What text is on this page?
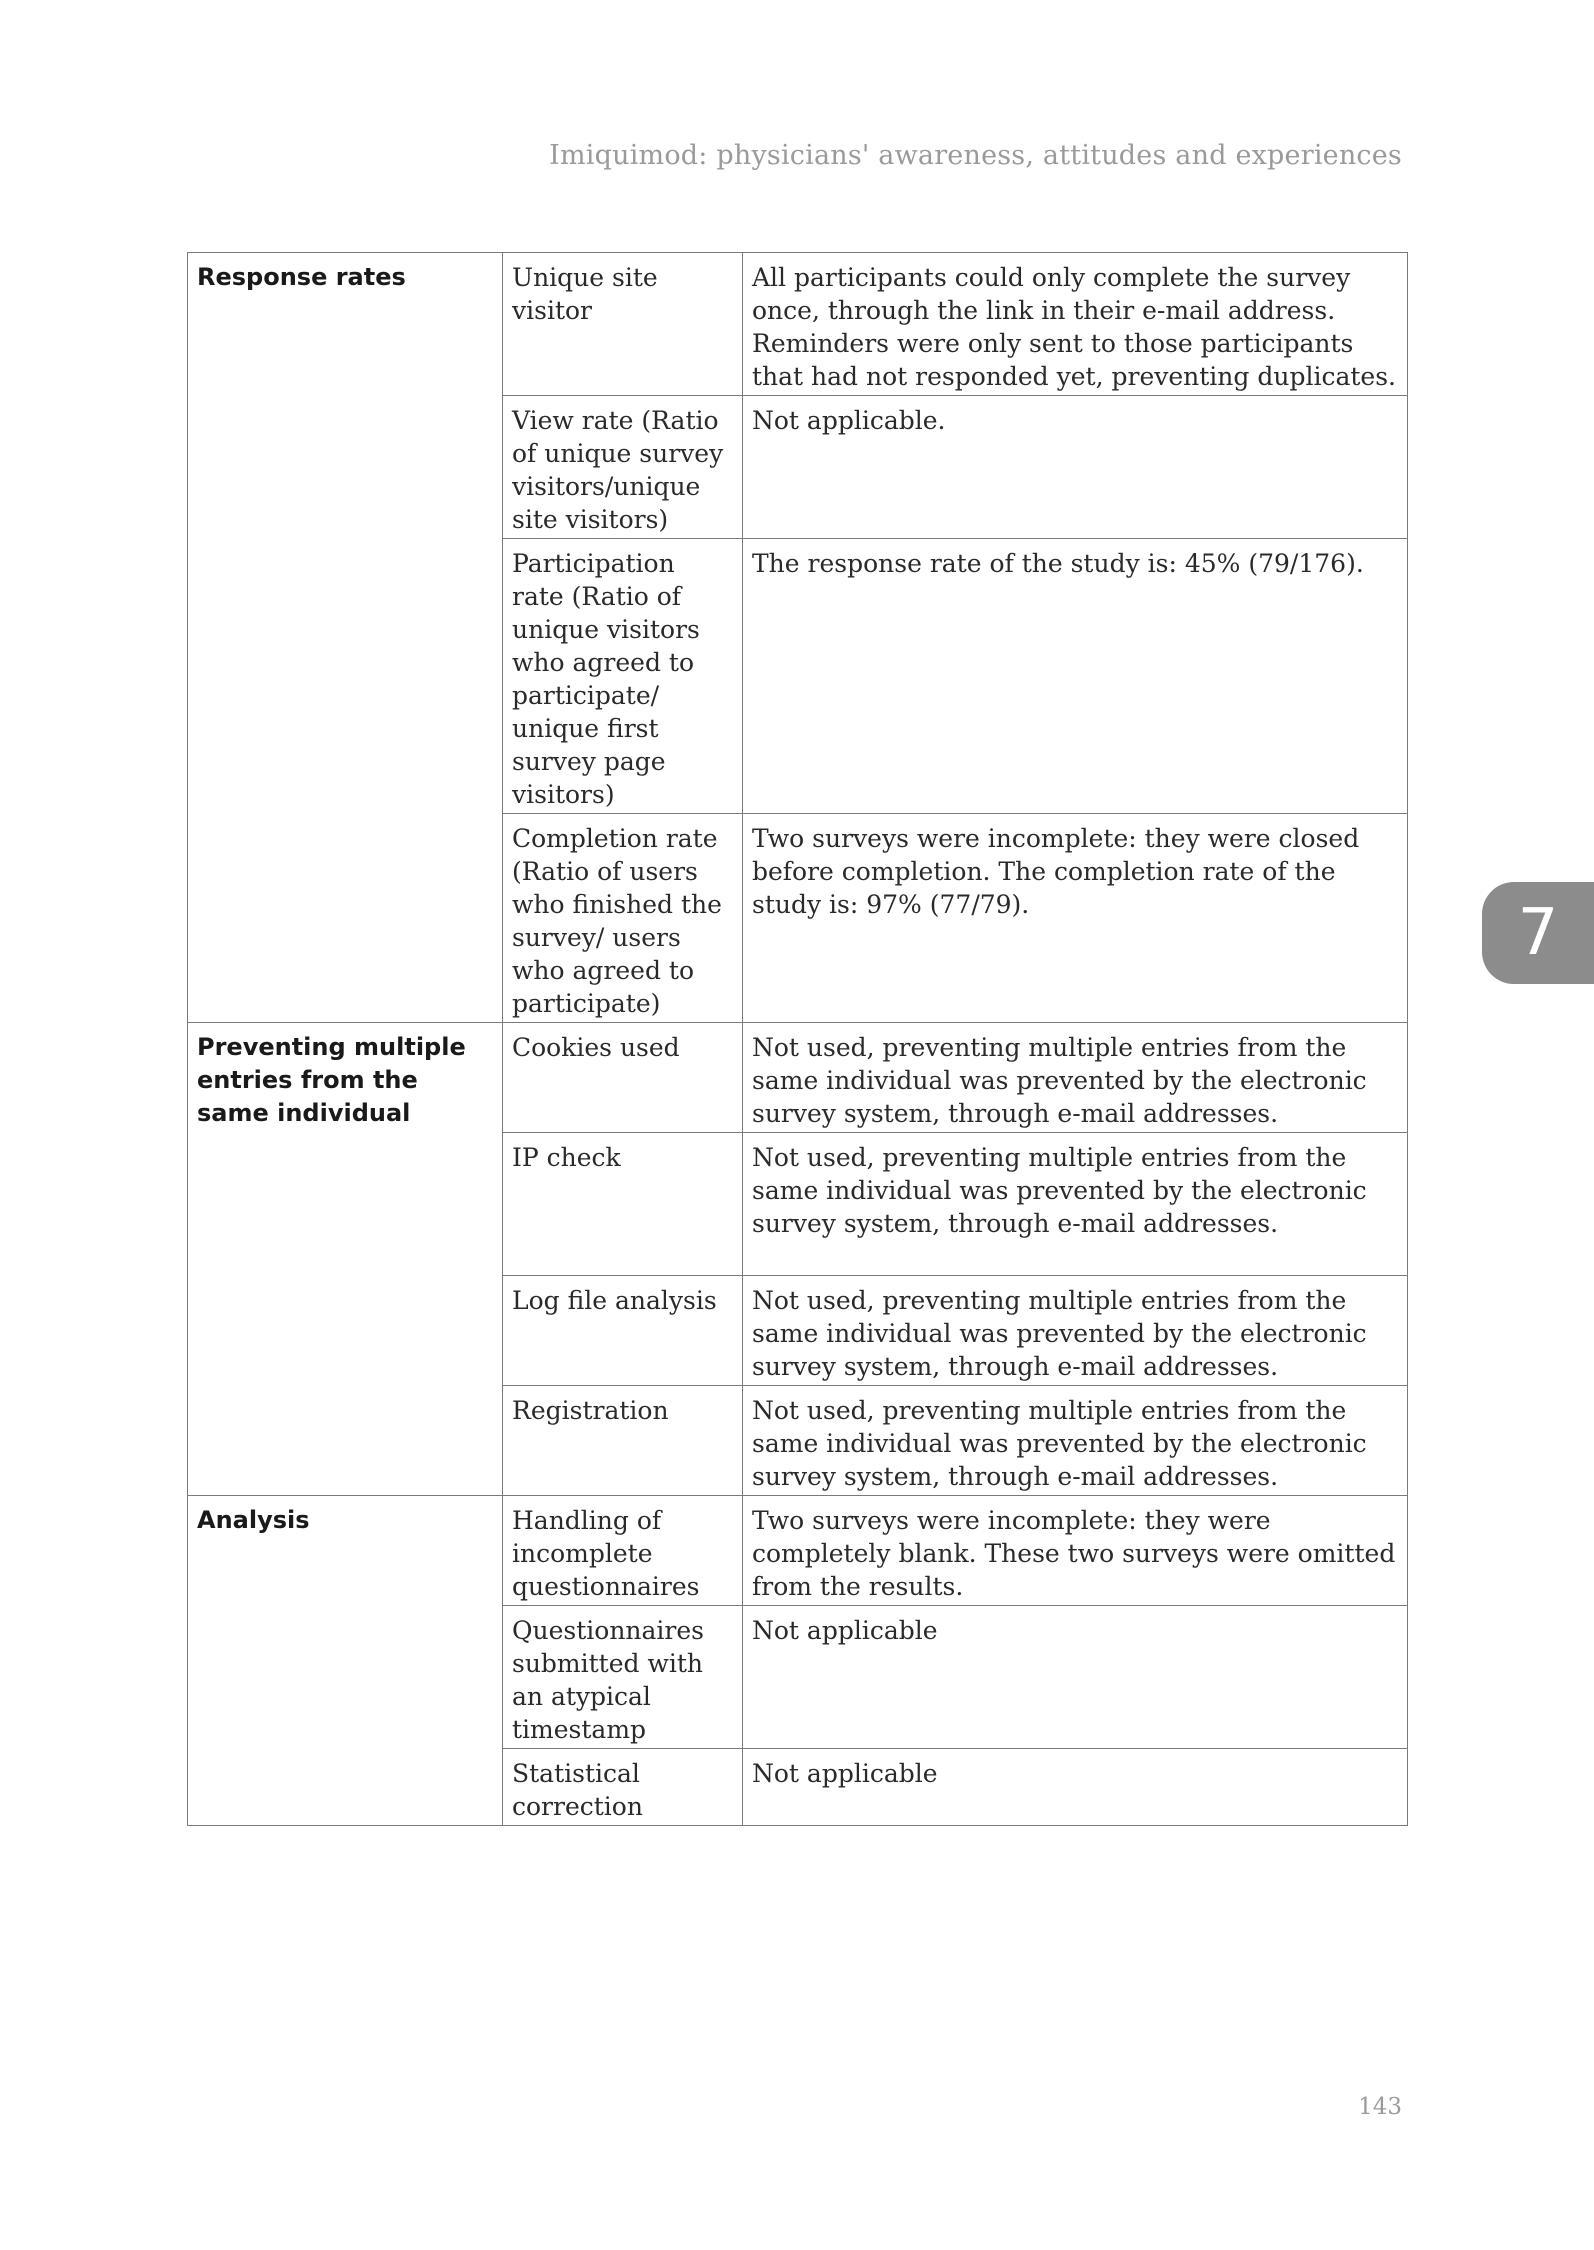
Imiquimod: physicians' awareness, attitudes and experiences
Response rates	Unique site visitor	All participants could only complete the survey once, through the link in their e-mail address. Reminders were only sent to those participants that had not responded yet, preventing duplicates.
	View rate (Ratio of unique survey visitors/unique site visitors)	Not applicable.
	Participation rate (Ratio of unique visitors who agreed to participate/ unique first survey page visitors)	The response rate of the study is: 45% (79/176).
	Completion rate (Ratio of users who finished the survey/ users who agreed to participate)	Two surveys were incomplete: they were closed before completion. The completion rate of the study is: 97% (77/79).
Preventing multiple entries from the same individual	Cookies used	Not used, preventing multiple entries from the same individual was prevented by the electronic survey system, through e-mail addresses.
	IP check	Not used, preventing multiple entries from the same individual was prevented by the electronic survey system, through e-mail addresses.
	Log file analysis	Not used, preventing multiple entries from the same individual was prevented by the electronic survey system, through e-mail addresses.
	Registration	Not used, preventing multiple entries from the same individual was prevented by the electronic survey system, through e-mail addresses.
Analysis	Handling of incomplete questionnaires	Two surveys were incomplete: they were completely blank. These two surveys were omitted from the results.
	Questionnaires submitted with an atypical timestamp	Not applicable
	Statistical correction	Not applicable
7
143
